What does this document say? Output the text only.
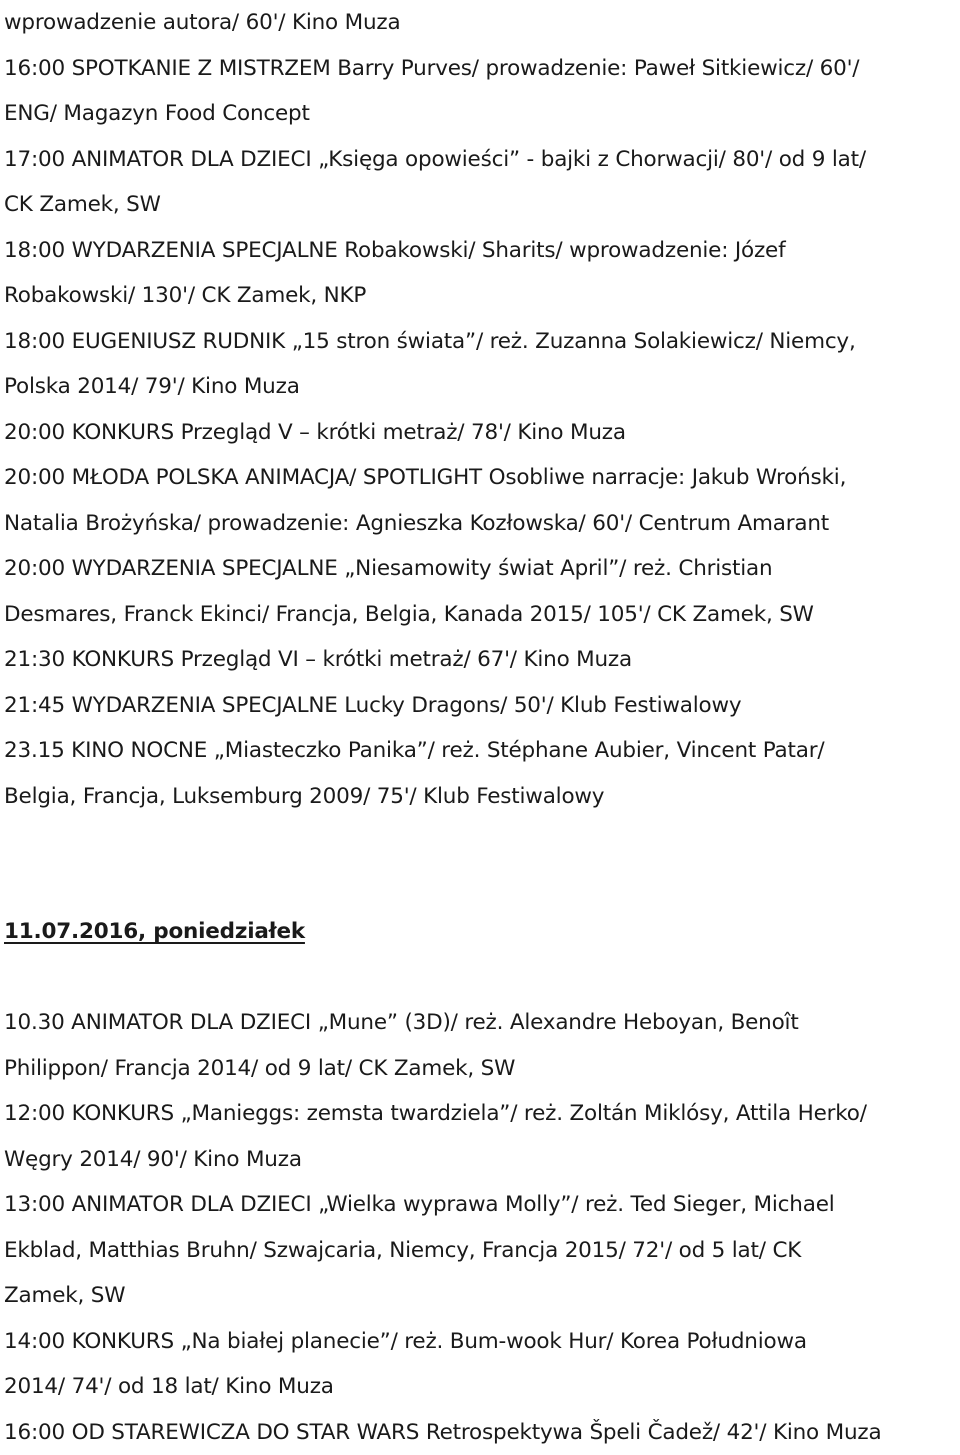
wprowadzenie autora/ 60'/ Kino Muza
16:00 SPOTKANIE Z MISTRZEM Barry Purves/ prowadzenie: Paweł Sitkiewicz/ 60'/
ENG/ Magazyn Food Concept
17:00 ANIMATOR DLA DZIECI „Księga opowieści” - bajki z Chorwacji/ 80'/ od 9 lat/
CK Zamek, SW
18:00 WYDARZENIA SPECJALNE Robakowski/ Sharits/ wprowadzenie: Józef
Robakowski/ 130'/ CK Zamek, NKP
18:00 EUGENIUSZ RUDNIK „15 stron świata”/ reż. Zuzanna Solakiewicz/ Niemcy,
Polska 2014/ 79'/ Kino Muza
20:00 KONKURS Przegląd V – krótki metraż/ 78'/ Kino Muza
20:00 MŁODA POLSKA ANIMACJA/ SPOTLIGHT Osobliwe narracje: Jakub Wroński,
Natalia Brożyńska/ prowadzenie: Agnieszka Kozłowska/ 60'/ Centrum Amarant
20:00 WYDARZENIA SPECJALNE „Niesamowity świat April”/ reż. Christian
Desmares, Franck Ekinci/ Francja, Belgia, Kanada 2015/ 105'/ CK Zamek, SW
21:30 KONKURS Przegląd VI – krótki metraż/ 67'/ Kino Muza
21:45 WYDARZENIA SPECJALNE Lucky Dragons/ 50'/ Klub Festiwalowy
23.15 KINO NOCNE „Miasteczko Panika”/ reż. Stéphane Aubier, Vincent Patar/
Belgia, Francja, Luksemburg 2009/ 75'/ Klub Festiwalowy
11.07.2016, poniedziałek
10.30 ANIMATOR DLA DZIECI „Mune” (3D)/ reż. Alexandre Heboyan, Benoît
Philippon/ Francja 2014/ od 9 lat/ CK Zamek, SW
12:00 KONKURS „Manieggs: zemsta twardziela”/ reż. Zoltán Miklósy, Attila Herko/
Węgry 2014/ 90'/ Kino Muza
13:00 ANIMATOR DLA DZIECI „Wielka wyprawa Molly”/ reż. Ted Sieger, Michael
Ekblad, Matthias Bruhn/ Szwajcaria, Niemcy, Francja 2015/ 72'/ od 5 lat/ CK
Zamek, SW
14:00 KONKURS „Na białej planecie”/ reż. Bum-wook Hur/ Korea Południowa
2014/ 74'/ od 18 lat/ Kino Muza
16:00 OD STAREWICZA DO STAR WARS Retrospektywa Špeli Čadež/ 42'/ Kino Muza
